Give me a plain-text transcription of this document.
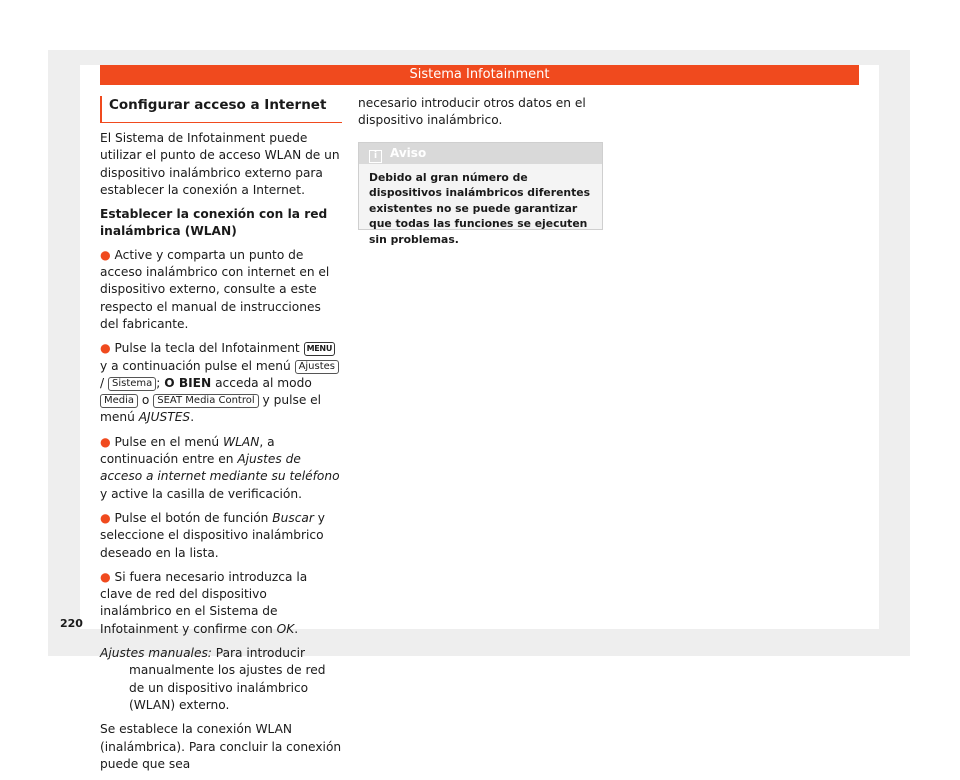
Sistema Infotainment
Configurar acceso a Internet

El Sistema de Infotainment puede utilizar el punto de acceso WLAN de un dispositivo inalámbrico externo para establecer la conexión a Internet.

Establecer la conexión con la red inalámbrica (WLAN)

● Active y comparta un punto de acceso inalámbrico con internet en el dispositivo externo, consulte a este respecto el manual de instrucciones del fabricante.

● Pulse la tecla del Infotainment MENU y a continuación pulse el menú Ajustes / Sistema ; O BIEN acceda al modo Media o SEAT Media Control y pulse el menú AJUSTES.

● Pulse en el menú WLAN, a continuación entre en Ajustes de acceso a internet mediante su teléfono y active la casilla de verificación.

● Pulse el botón de función Buscar y seleccione el dispositivo inalámbrico deseado en la lista.

● Si fuera necesario introduzca la clave de red del dispositivo inalámbrico en el Sistema de Infotainment y confirme con OK.

Ajustes manuales: Para introducir manualmente los ajustes de red de un dispositivo inalámbrico (WLAN) externo.

Se establece la conexión WLAN (inalámbrica). Para concluir la conexión puede que sea

necesario introducir otros datos en el dispositivo inalámbrico.

i Aviso
Debido al gran número de dispositivos inalámbricos diferentes existentes no se puede garantizar que todas las funciones se ejecuten sin problemas.
220
